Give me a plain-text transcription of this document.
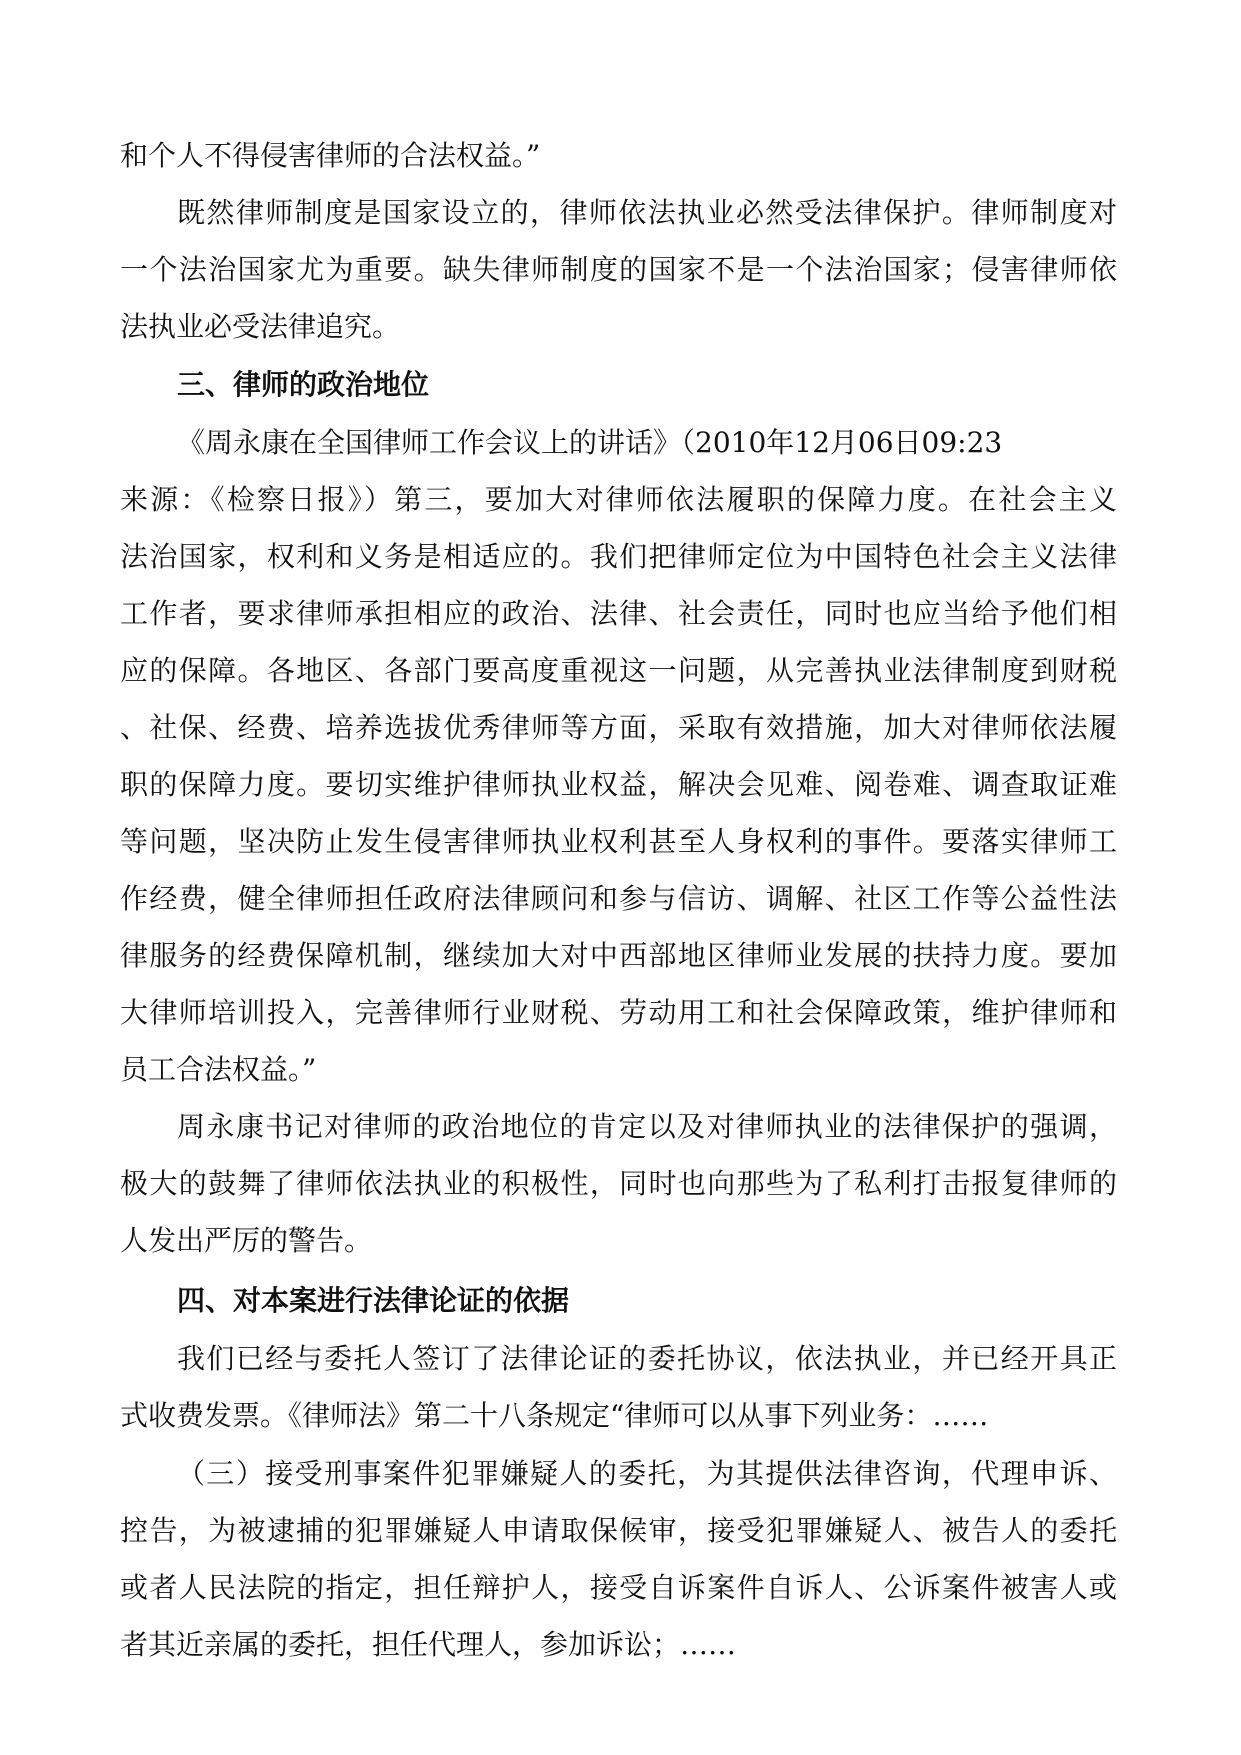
和个人不得侵害律师的合法权益。”
既然律师制度是国家设立的，律师依法执业必然受法律保护。律师制度对
一个法治国家尤为重要。缺失律师制度的国家不是一个法治国家；侵害律师依
法执业必受法律追究。
三、律师的政治地位
《周永康在全国律师工作会议上的讲话》（2010年12月06日09:23
来源：《检察日报》）第三，要加大对律师依法履职的保障力度。在社会主义
法治国家，权利和义务是相适应的。我们把律师定位为中国特色社会主义法律
工作者，要求律师承担相应的政治、法律、社会责任，同时也应当给予他们相
应的保障。各地区、各部门要高度重视这一问题，从完善执业法律制度到财税
、社保、经费、培养选拔优秀律师等方面，采取有效措施，加大对律师依法履
职的保障力度。要切实维护律师执业权益，解决会见难、阅卷难、调查取证难
等问题，坚决防止发生侵害律师执业权利甚至人身权利的事件。要落实律师工
作经费，健全律师担任政府法律顾问和参与信访、调解、社区工作等公益性法
律服务的经费保障机制，继续加大对中西部地区律师业发展的扶持力度。要加
大律师培训投入，完善律师行业财税、劳动用工和社会保障政策，维护律师和
员工合法权益。”
周永康书记对律师的政治地位的肯定以及对律师执业的法律保护的强调，
极大的鼓舞了律师依法执业的积极性，同时也向那些为了私利打击报复律师的
人发出严厉的警告。
四、对本案进行法律论证的依据
我们已经与委托人签订了法律论证的委托协议，依法执业，并已经开具正
式收费发票。《律师法》第二十八条规定“律师可以从事下列业务：……
（三）接受刑事案件犯罪嫌疑人的委托，为其提供法律咨询，代理申诉、
控告，为被逮捕的犯罪嫌疑人申请取保候审，接受犯罪嫌疑人、被告人的委托
或者人民法院的指定，担任辩护人，接受自诉案件自诉人、公诉案件被害人或
者其近亲属的委托，担任代理人，参加诉讼；……
